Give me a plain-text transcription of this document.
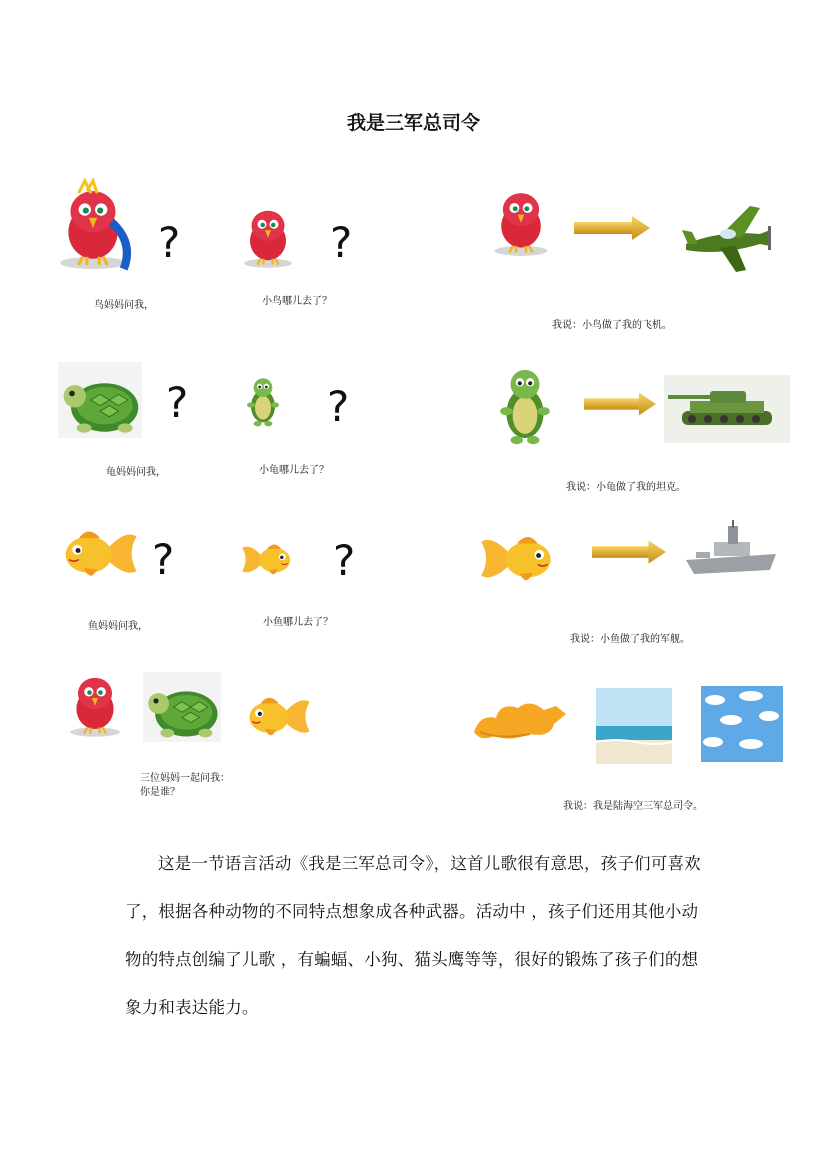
我是三军总司令
?	?
鸟妈妈问我，	小鸟哪儿去了？
?	?
龟妈妈问我，	小龟哪儿去了？
?	?
鱼妈妈问我，	小鱼哪儿去了？
三位妈妈一起问我：
你是谁？
我说：小鸟做了我的飞机。
我说：小龟做了我的坦克。
我说：小鱼做了我的军舰。
我说：我是陆海空三军总司令。
这是一节语言活动《我是三军总司令》，这首儿歌很有意思，孩子们可喜欢了，根据各种动物的不同特点想象成各种武器。活动中 ，孩子们还用其他小动物的特点创编了儿歌 ，有蝙蝠、小狗、猫头鹰等等，很好的锻炼了孩子们的想象力和表达能力。
